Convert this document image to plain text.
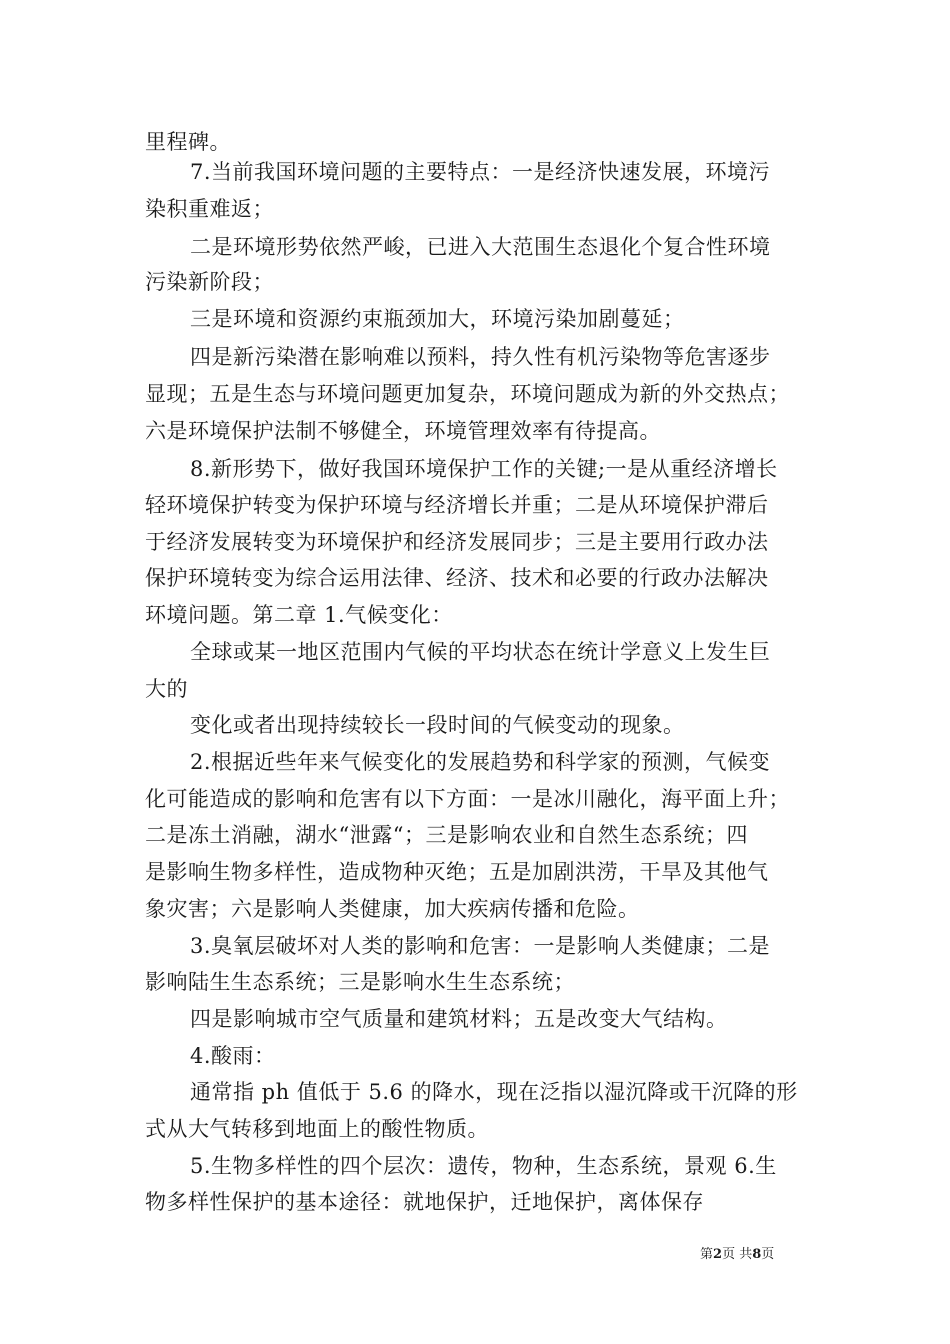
里程碑。
7.当前我国环境问题的主要特点：一是经济快速发展，环境污
染积重难返；
二是环境形势依然严峻，已进入大范围生态退化个复合性环境
污染新阶段；
三是环境和资源约束瓶颈加大，环境污染加剧蔓延；
四是新污染潜在影响难以预料，持久性有机污染物等危害逐步
显现；五是生态与环境问题更加复杂，环境问题成为新的外交热点；
六是环境保护法制不够健全，环境管理效率有待提高。
8.新形势下，做好我国环境保护工作的关键;一是从重经济增长
轻环境保护转变为保护环境与经济增长并重；二是从环境保护滞后
于经济发展转变为环境保护和经济发展同步；三是主要用行政办法
保护环境转变为综合运用法律、经济、技术和必要的行政办法解决
环境问题。第二章 1.气候变化：
全球或某一地区范围内气候的平均状态在统计学意义上发生巨
大的
变化或者出现持续较长一段时间的气候变动的现象。
2.根据近些年来气候变化的发展趋势和科学家的预测，气候变
化可能造成的影响和危害有以下方面：一是冰川融化，海平面上升；
二是冻土消融，湖水“泄露“；三是影响农业和自然生态系统；四
是影响生物多样性，造成物种灭绝；五是加剧洪涝，干旱及其他气
象灾害；六是影响人类健康，加大疾病传播和危险。
3.臭氧层破坏对人类的影响和危害：一是影响人类健康；二是
影响陆生生态系统；三是影响水生生态系统；
四是影响城市空气质量和建筑材料；五是改变大气结构。
4.酸雨：
通常指 ph 值低于 5.6 的降水，现在泛指以湿沉降或干沉降的形
式从大气转移到地面上的酸性物质。
5.生物多样性的四个层次：遗传，物种，生态系统，景观 6.生
物多样性保护的基本途径：就地保护，迁地保护，离体保存
第2页 共8页
